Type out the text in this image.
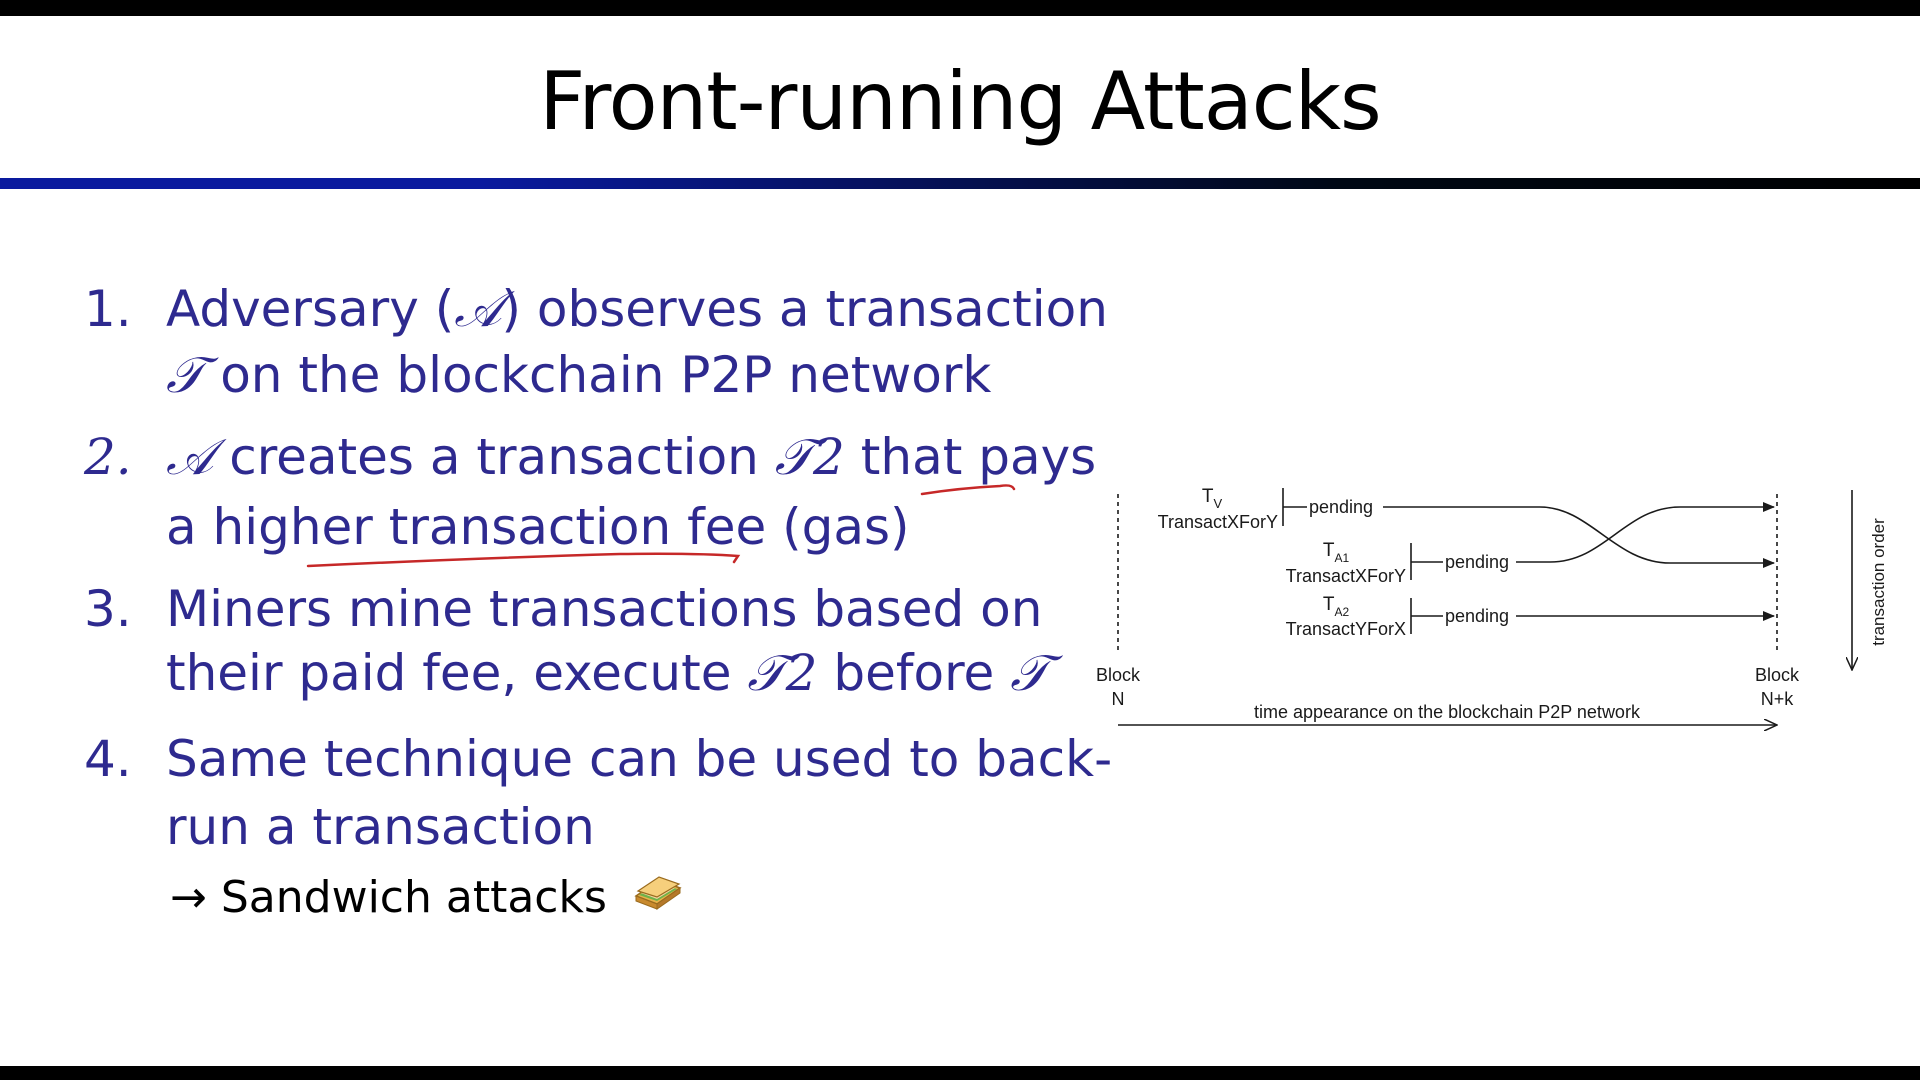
Front-running Attacks
1. Adversary (𝒜) observes a transaction
𝒯 on the blockchain P2P network
2. 𝒜 creates a transaction 𝒯2 that pays
a higher transaction fee (gas)
3. Miners mine transactions based on
their paid fee, execute 𝒯2 before 𝒯
4. Same technique can be used to back-
run a transaction
→ Sandwich attacks
$T_V$
TransactXForY
pending
$T_{A1}$
TransactXForY
pending
$T_{A2}$
TransactYForX
pending
Block
N
Block
N+k
time appearance on the blockchain P2P network
transaction order
